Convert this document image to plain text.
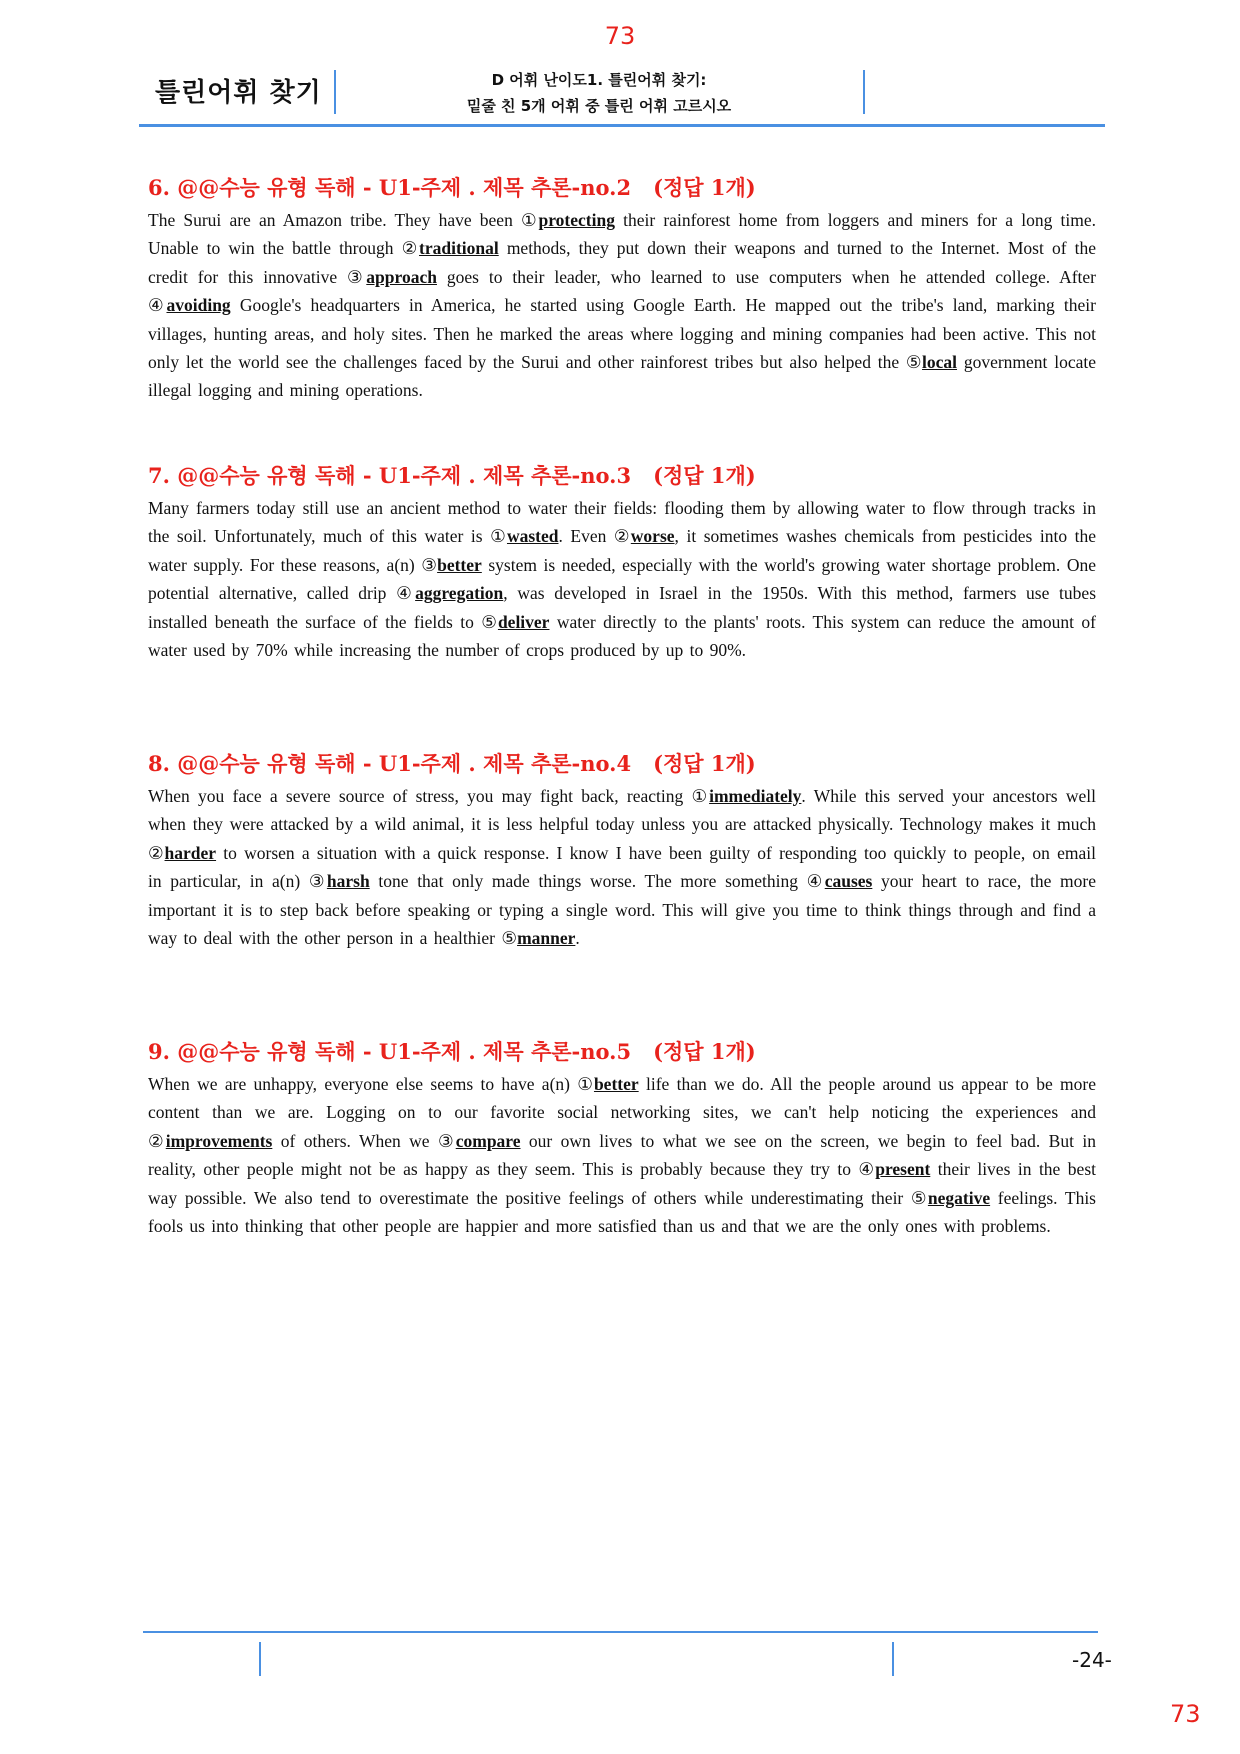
73
틀린어휘 찾기	D 어휘 난이도1. 틀린어휘 찾기:
밑줄 친 5개 어휘 중 틀린 어휘 고르시오
6. @@수능 유형 독해 - U1-주제 . 제목 추론-no.2 (정답 1개)

The Surui are an Amazon tribe. They have been ①protecting their rainforest home from loggers and miners for a long time. Unable to win the battle through ②traditional methods, they put down their weapons and turned to the Internet. Most of the credit for this innovative ③approach goes to their leader, who learned to use computers when he attended college. After ④avoiding Google's headquarters in America, he started using Google Earth. He mapped out the tribe's land, marking their villages, hunting areas, and holy sites. Then he marked the areas where logging and mining companies had been active. This not only let the world see the challenges faced by the Surui and other rainforest tribes but also helped the ⑤local government locate illegal logging and mining operations.

7. @@수능 유형 독해 - U1-주제 . 제목 추론-no.3 (정답 1개)

Many farmers today still use an ancient method to water their fields: flooding them by allowing water to flow through tracks in the soil. Unfortunately, much of this water is ①wasted. Even ②worse, it sometimes washes chemicals from pesticides into the water supply. For these reasons, a(n) ③better system is needed, especially with the world's growing water shortage problem. One potential alternative, called drip ④aggregation, was developed in Israel in the 1950s. With this method, farmers use tubes installed beneath the surface of the fields to ⑤deliver water directly to the plants' roots. This system can reduce the amount of water used by 70% while increasing the number of crops produced by up to 90%.

8. @@수능 유형 독해 - U1-주제 . 제목 추론-no.4 (정답 1개)

When you face a severe source of stress, you may fight back, reacting ①immediately. While this served your ancestors well when they were attacked by a wild animal, it is less helpful today unless you are attacked physically. Technology makes it much ②harder to worsen a situation with a quick response. I know I have been guilty of responding too quickly to people, on email in particular, in a(n) ③harsh tone that only made things worse. The more something ④causes your heart to race, the more important it is to step back before speaking or typing a single word. This will give you time to think things through and find a way to deal with the other person in a healthier ⑤manner.

9. @@수능 유형 독해 - U1-주제 . 제목 추론-no.5 (정답 1개)

When we are unhappy, everyone else seems to have a(n) ①better life than we do. All the people around us appear to be more content than we are. Logging on to our favorite social networking sites, we can't help noticing the experiences and ②improvements of others. When we ③compare our own lives to what we see on the screen, we begin to feel bad. But in reality, other people might not be as happy as they seem. This is probably because they try to ④present their lives in the best way possible. We also tend to overestimate the positive feelings of others while underestimating their ⑤negative feelings. This fools us into thinking that other people are happier and more satisfied than us and that we are the only ones with problems.

-24-
73
